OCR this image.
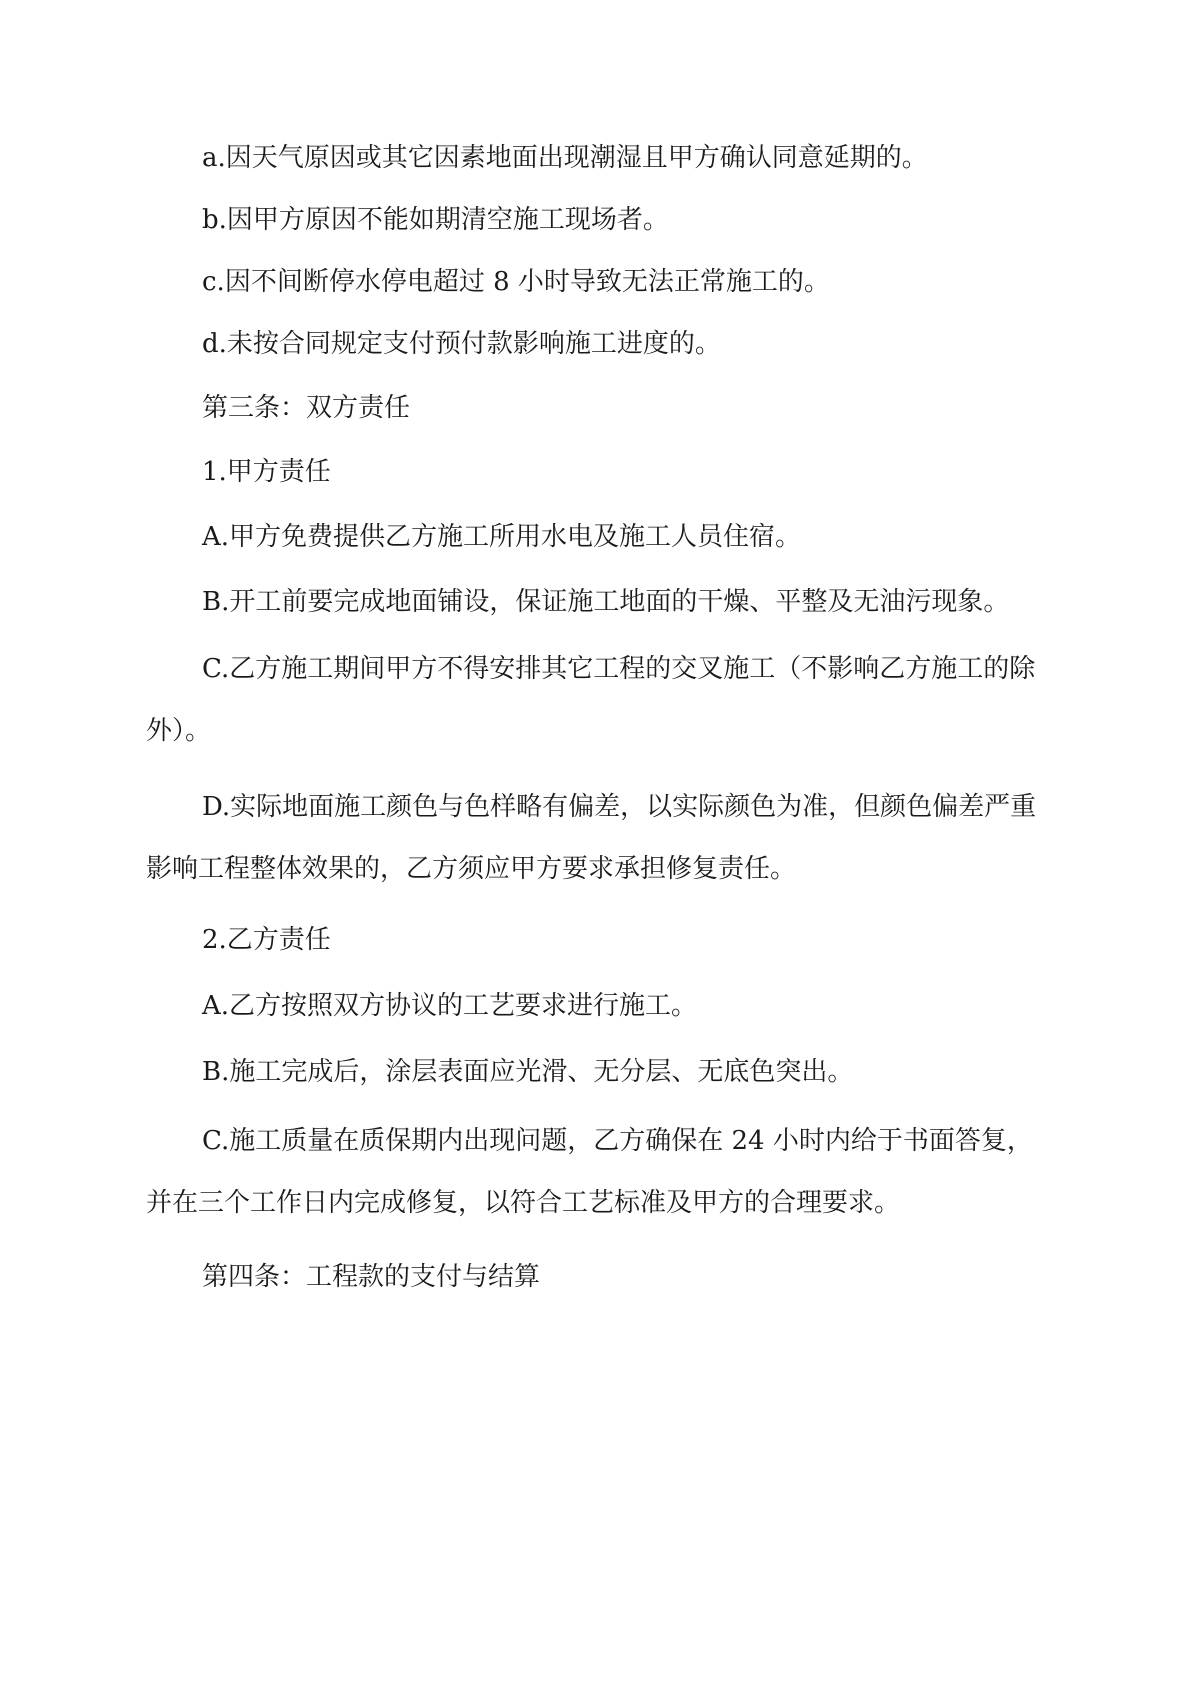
a.因天气原因或其它因素地面出现潮湿且甲方确认同意延期的。

b.因甲方原因不能如期清空施工现场者。

c.因不间断停水停电超过 8 小时导致无法正常施工的。

d.未按合同规定支付预付款影响施工进度的。

第三条：双方责任

1.甲方责任

A.甲方免费提供乙方施工所用水电及施工人员住宿。

B.开工前要完成地面铺设，保证施工地面的干燥、平整及无油污现象。

C.乙方施工期间甲方不得安排其它工程的交叉施工（不影响乙方施工的除外）。

D.实际地面施工颜色与色样略有偏差，以实际颜色为准，但颜色偏差严重影响工程整体效果的，乙方须应甲方要求承担修复责任。

2.乙方责任

A.乙方按照双方协议的工艺要求进行施工。

B.施工完成后，涂层表面应光滑、无分层、无底色突出。

C.施工质量在质保期内出现问题，乙方确保在 24 小时内给于书面答复，并在三个工作日内完成修复，以符合工艺标准及甲方的合理要求。

第四条：工程款的支付与结算
